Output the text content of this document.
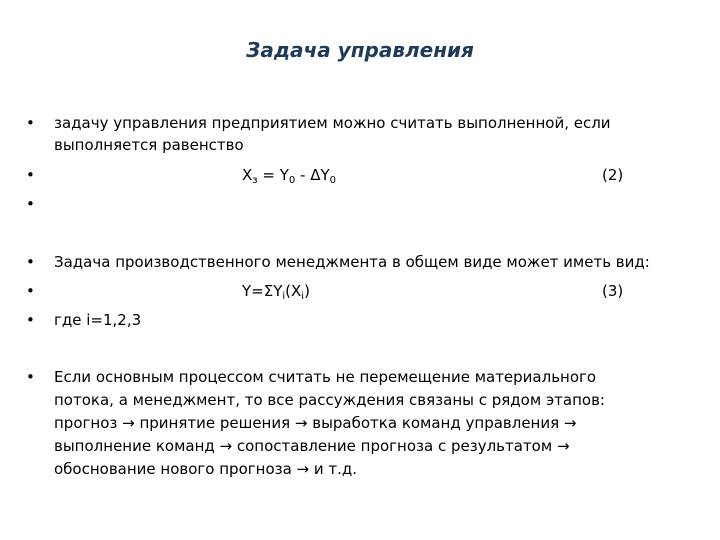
Задача управления
•	задачу управления предприятием можно считать выполненной, если
выполняется равенство
•	$X_з = Y_0 - \Delta Y_0$	(2)
•
•	Задача производственного менеджмента в общем виде может иметь вид:
•	$Y=\Sigma Y_i(X_i)$	(3)
•	где i=1,2,3
•	Если основным процессом считать не перемещение материального
потока, а менеджмент, то все рассуждения связаны с рядом этапов:
прогноз → принятие решения → выработка команд управления →
выполнение команд → сопоставление прогноза с результатом →
обоснование нового прогноза → и т.д.
